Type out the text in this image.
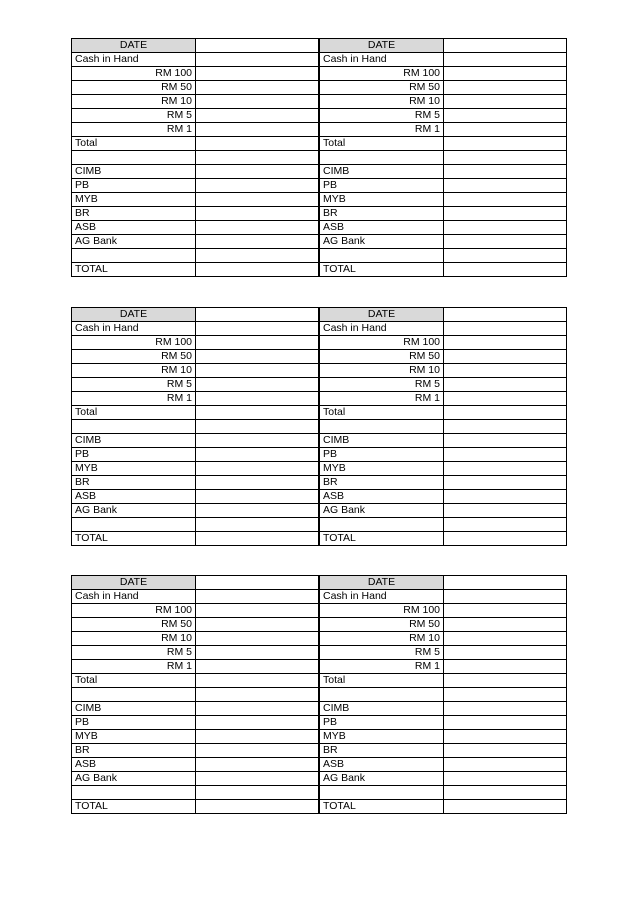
DATE	
Cash in Hand	
RM 100	
RM 50	
RM 10	
RM 5	
RM 1	
Total	

CIMB	
PB	
MYB	
BR	
ASB	
AG Bank	

TOTAL	
DATE	
Cash in Hand	
RM 100	
RM 50	
RM 10	
RM 5	
RM 1	
Total	

CIMB	
PB	
MYB	
BR	
ASB	
AG Bank	

TOTAL	
DATE	
Cash in Hand	
RM 100	
RM 50	
RM 10	
RM 5	
RM 1	
Total	

CIMB	
PB	
MYB	
BR	
ASB	
AG Bank	

TOTAL	
DATE	
Cash in Hand	
RM 100	
RM 50	
RM 10	
RM 5	
RM 1	
Total	

CIMB	
PB	
MYB	
BR	
ASB	
AG Bank	

TOTAL	
DATE	
Cash in Hand	
RM 100	
RM 50	
RM 10	
RM 5	
RM 1	
Total	

CIMB	
PB	
MYB	
BR	
ASB	
AG Bank	

TOTAL	
DATE	
Cash in Hand	
RM 100	
RM 50	
RM 10	
RM 5	
RM 1	
Total	

CIMB	
PB	
MYB	
BR	
ASB	
AG Bank	

TOTAL	
